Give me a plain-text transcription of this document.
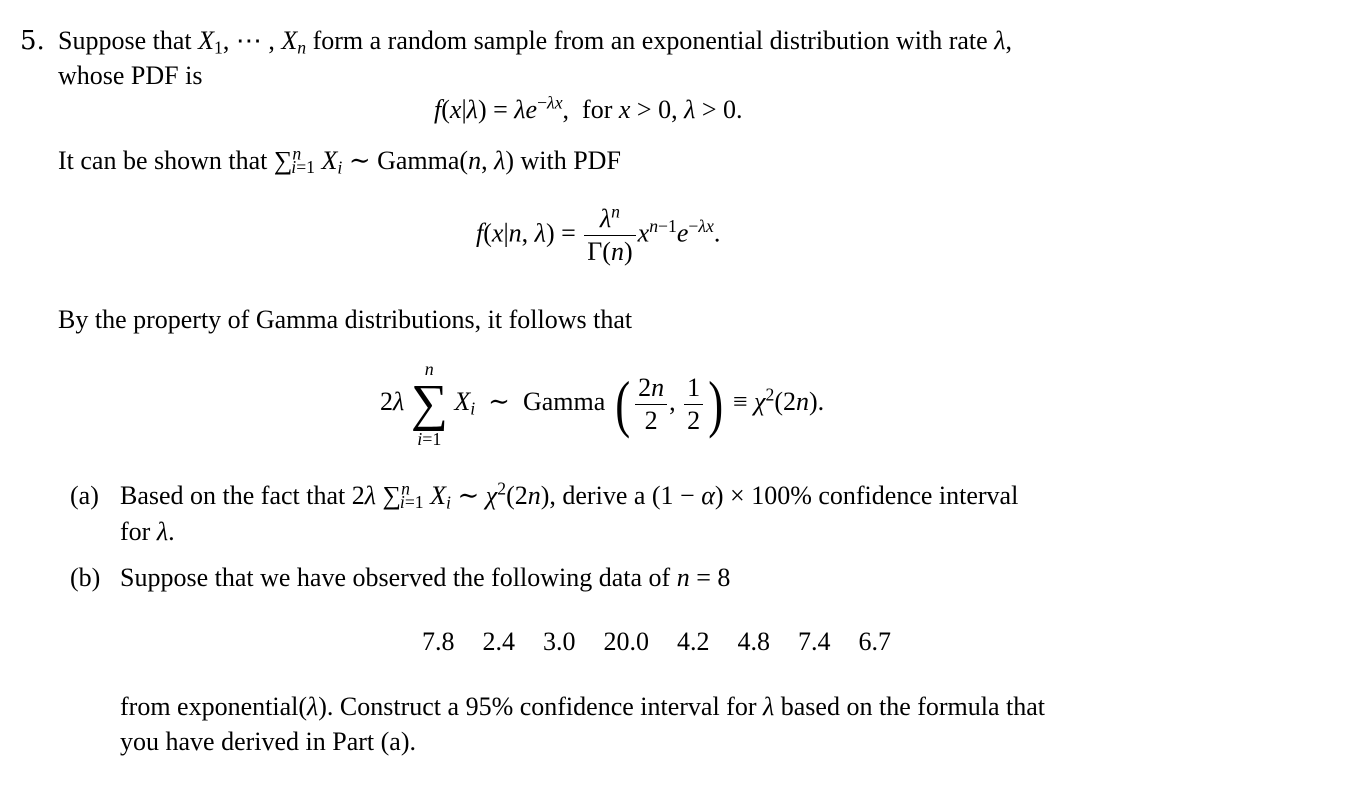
5. Suppose that $X_1$, ⋯ , $X_n$ form a random sample from an exponential distribution with rate λ,
whose PDF is
$f(x|\lambda) = \lambda e^{-\lambda x}$,  for x > 0, λ > 0.
It can be shown that ∑$^n_{i=1}$ $X_i$ ∼ Gamma(n, λ) with PDF
f(x|n, $\lambda) = \frac{\lambda^n}{\Gamma(n)} x^{n-1}e^{-\lambda x}$.
By the property of Gamma distributions, it follows that
2λ
n
∑
i=1
$X_i$  ∼  Gamma ( $\frac{2n}{2}$ , $\frac{1}{2}$ ) ≡ $\chi^2(2n)$.
(a) Based on the fact that 2λ ∑$^n_{i=1}$ $X_i$ ∼ $\chi^2(2n)$, derive a (1 − α) × 100% confidence interval
for λ.
(b) Suppose that we have observed the following data of n = 8
7.8 2.4 3.0 20.0 4.2 4.8 7.4 6.7
from exponential(λ). Construct a 95% confidence interval for λ based on the formula that
you have derived in Part (a).
